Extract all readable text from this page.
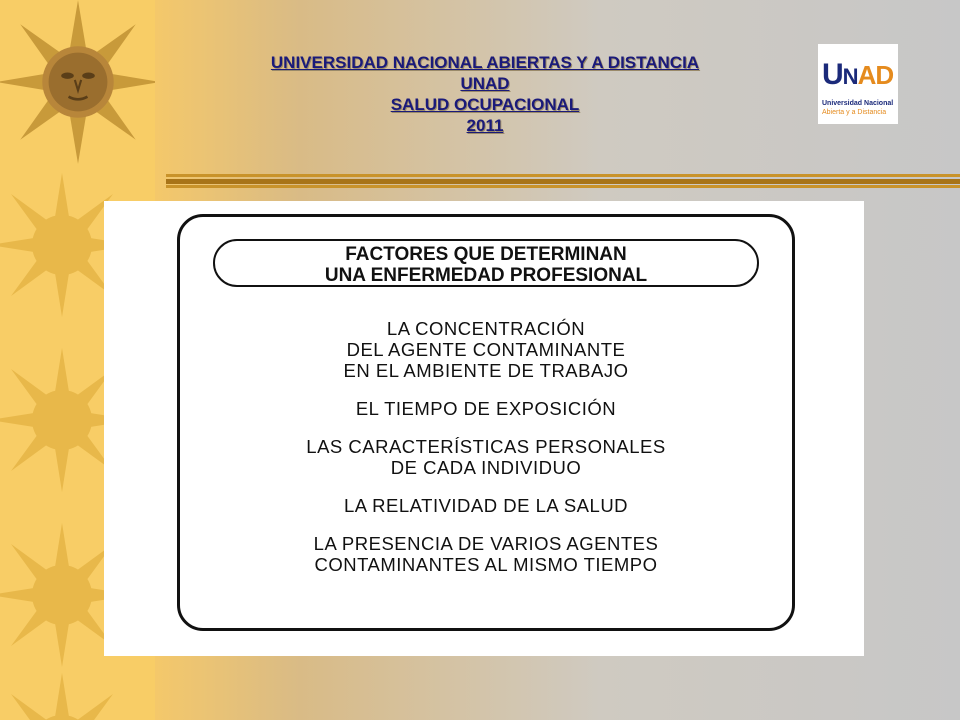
UNIVERSIDAD NACIONAL ABIERTAS Y A DISTANCIA
UNAD
SALUD OCUPACIONAL
2011
UNAD
Universidad Nacional
Abierta y a Distancia
FACTORES QUE DETERMINAN
UNA ENFERMEDAD PROFESIONAL
LA CONCENTRACIÓN
DEL AGENTE CONTAMINANTE
EN EL AMBIENTE DE TRABAJO
EL TIEMPO DE EXPOSICIÓN
LAS CARACTERÍSTICAS PERSONALES
DE CADA INDIVIDUO
LA RELATIVIDAD DE LA SALUD
LA PRESENCIA DE VARIOS AGENTES
CONTAMINANTES AL MISMO TIEMPO
